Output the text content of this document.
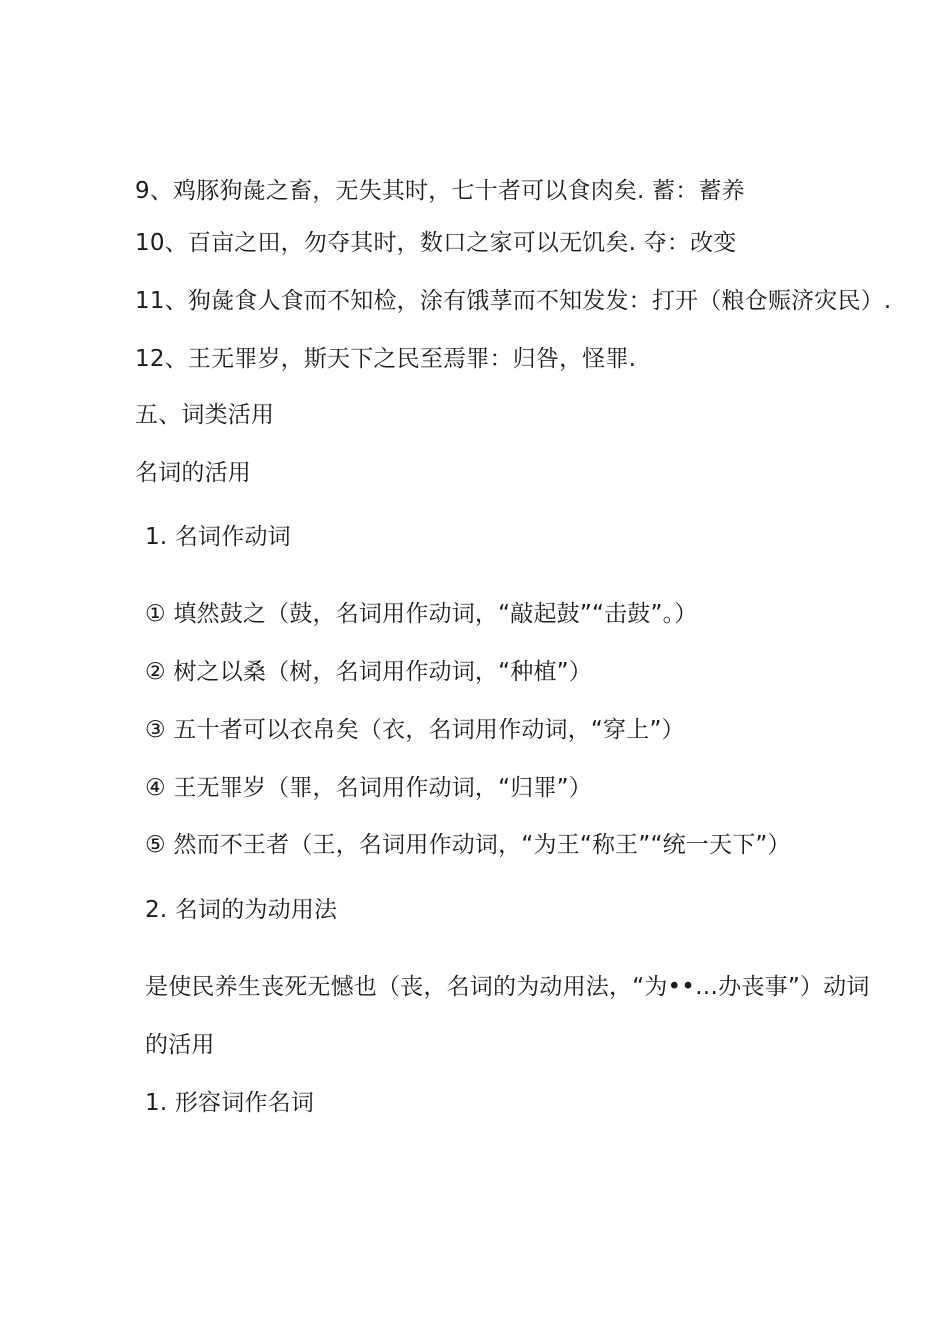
9、鸡豚狗彘之畜，无失其时，七十者可以食肉矣. 蓄：蓄养
10、百亩之田，勿夺其时，数口之家可以无饥矣. 夺：改变
11、狗彘食人食而不知检，涂有饿莩而不知发发：打开（粮仓赈济灾民）.
12、王无罪岁，斯天下之民至焉罪：归咎，怪罪.
五、词类活用
名词的活用
1. 名词作动词
① 填然鼓之（鼓，名词用作动词，“敲起鼓”“击鼓”。）
② 树之以桑（树，名词用作动词，“种植”）
③ 五十者可以衣帛矣（衣，名词用作动词，“穿上”）
④ 王无罪岁（罪，名词用作动词，“归罪”）
⑤ 然而不王者（王，名词用作动词，“为王“称王”“统一天下”）
2. 名词的为动用法
是使民养生丧死无憾也（丧，名词的为动用法，“为••…办丧事”）动词
的活用
1. 形容词作名词
